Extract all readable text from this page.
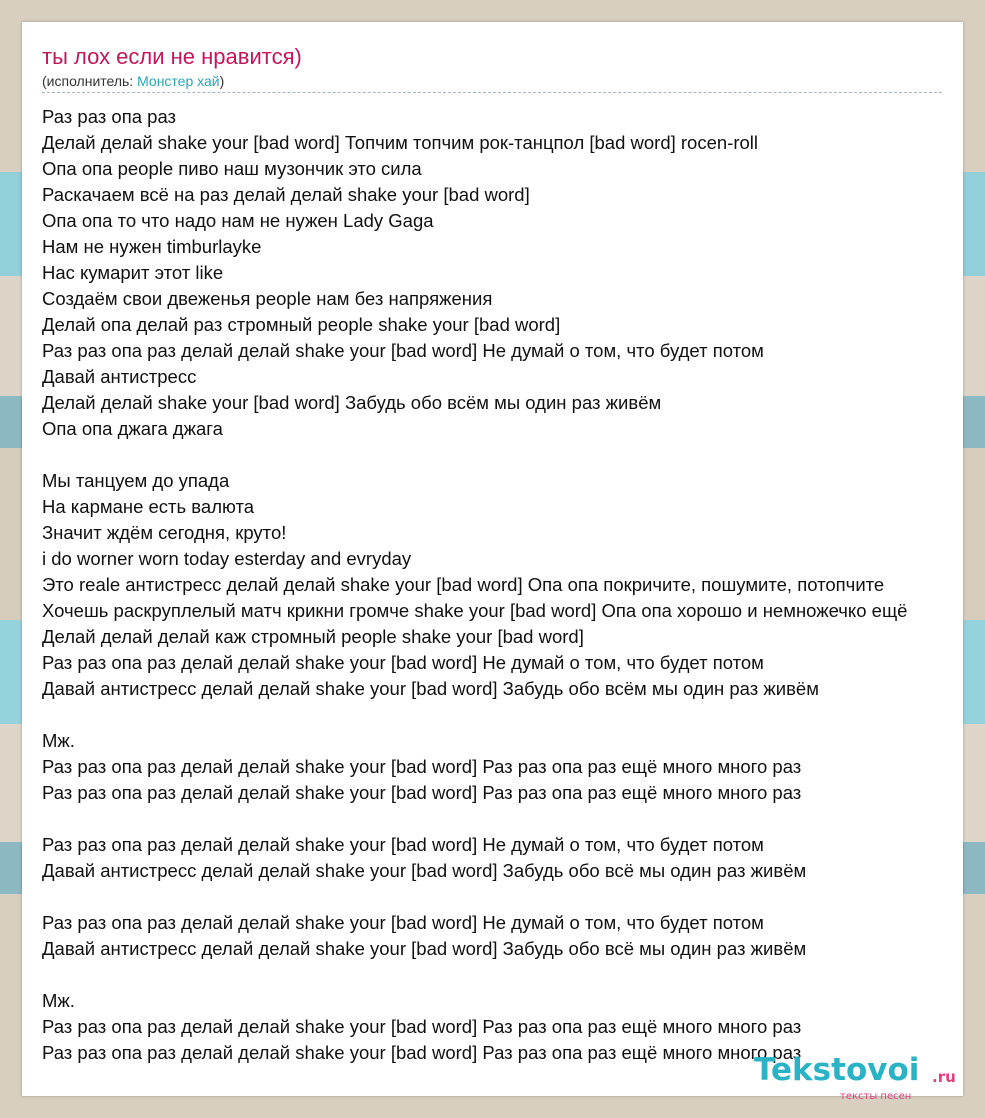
ты лох если не нравится)
(исполнитель: Монстер хай)
Раз раз опа раз
Делай делай shake your [bad word] Топчим топчим рок-танцпол [bad word] rocen-roll
Опа опа people пиво наш музончик это сила
Раскачаем всё на раз делай делай shake your [bad word]
Опа опа то что надо нам не нужен Lady Gaga
Нам не нужен timburlayke
Нас кумарит этот like
Создаём свои двеженья people нам без напряжения
Делай опа делай раз стромный people shake your [bad word]
Раз раз опа раз делай делай shake your [bad word] Не думай о том, что будет потом
Давай антистресс
Делай делай shake your [bad word] Забудь обо всём мы один раз живём
Опа опа джага джага
Мы танцуем до упада
На кармане есть валюта
Значит ждём сегодня, круто!
i do worner worn today esterday and evryday
Это reale антистресс делай делай shake your [bad word] Опа опа покричите, пошумите, потопчите
Хочешь раскруплелый матч крикни громче shake your [bad word] Опа опа хорошо и немножечко ещё
Делай делай делай каж стромный people shake your [bad word]
Раз раз опа раз делай делай shake your [bad word] Не думай о том, что будет потом
Давай антистресс делай делай shake your [bad word] Забудь обо всём мы один раз живём
Мж.
Раз раз опа раз делай делай shake your [bad word] Раз раз опа раз ещё много много раз
Раз раз опа раз делай делай shake your [bad word] Раз раз опа раз ещё много много раз
Раз раз опа раз делай делай shake your [bad word] Не думай о том, что будет потом
Давай антистресс делай делай shake your [bad word] Забудь обо всё мы один раз живём
Раз раз опа раз делай делай shake your [bad word] Не думай о том, что будет потом
Давай антистресс делай делай shake your [bad word] Забудь обо всё мы один раз живём
Мж.
Раз раз опа раз делай делай shake your [bad word] Раз раз опа раз ещё много много раз
Раз раз опа раз делай делай shake your [bad word] Раз раз опа раз ещё много много раз
Tekstovoi .ru
тексты песен
